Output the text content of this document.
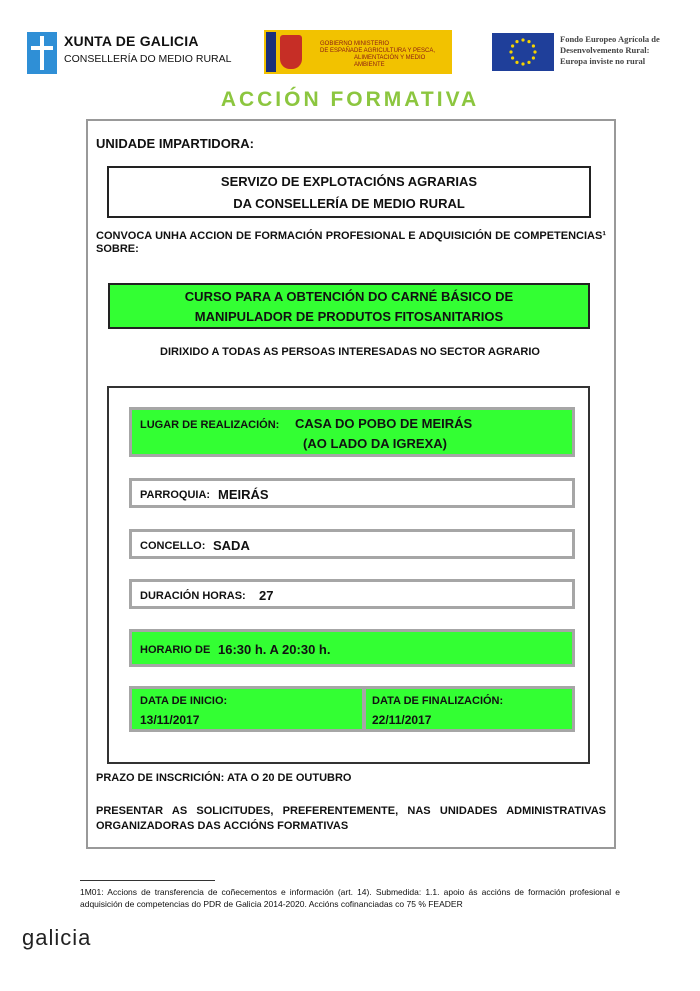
XUNTA DE GALICIA
CONSELLERÍA DO MEDIO RURAL
GOBIERNO
DE ESPAÑA
MINISTERIO
DE AGRICULTURA Y PESCA,
ALIMENTACIÓN Y MEDIO AMBIENTE
Fondo Europeo Agrícola de
Desenvolvemento Rural:
Europa inviste no rural
ACCIÓN FORMATIVA
UNIDADE IMPARTIDORA:
SERVIZO DE EXPLOTACIÓNS AGRARIAS
DA CONSELLERÍA DE MEDIO RURAL
CONVOCA UNHA ACCION DE FORMACIÓN PROFESIONAL E ADQUISICIÓN DE COMPETENCIAS¹ SOBRE:
CURSO PARA A OBTENCIÓN DO CARNÉ BÁSICO DE
MANIPULADOR DE PRODUTOS FITOSANITARIOS
DIRIXIDO A TODAS AS PERSOAS INTERESADAS NO SECTOR AGRARIO
LUGAR DE REALIZACIÓN: CASA DO POBO DE MEIRÁS
(AO LADO DA IGREXA)
PARROQUIA: MEIRÁS
CONCELLO: SADA
DURACIÓN HORAS: 27
HORARIO DE 16:30 h. A 20:30 h.
DATA DE INICIO:
13/11/2017
DATA DE FINALIZACIÓN:
22/11/2017
PRAZO DE INSCRICIÓN: ATA O 20 DE OUTUBRO
PRESENTAR AS SOLICITUDES, PREFERENTEMENTE, NAS UNIDADES ADMINISTRATIVAS ORGANIZADORAS DAS ACCIÓNS FORMATIVAS
1M01: Accions de transferencia de coñecementos e información (art. 14). Submedida: 1.1. apoio ás accións de formación profesional e adquisición de competencias do PDR de Galicia 2014-2020. Accións cofinanciadas co 75 % FEADER
galicia
